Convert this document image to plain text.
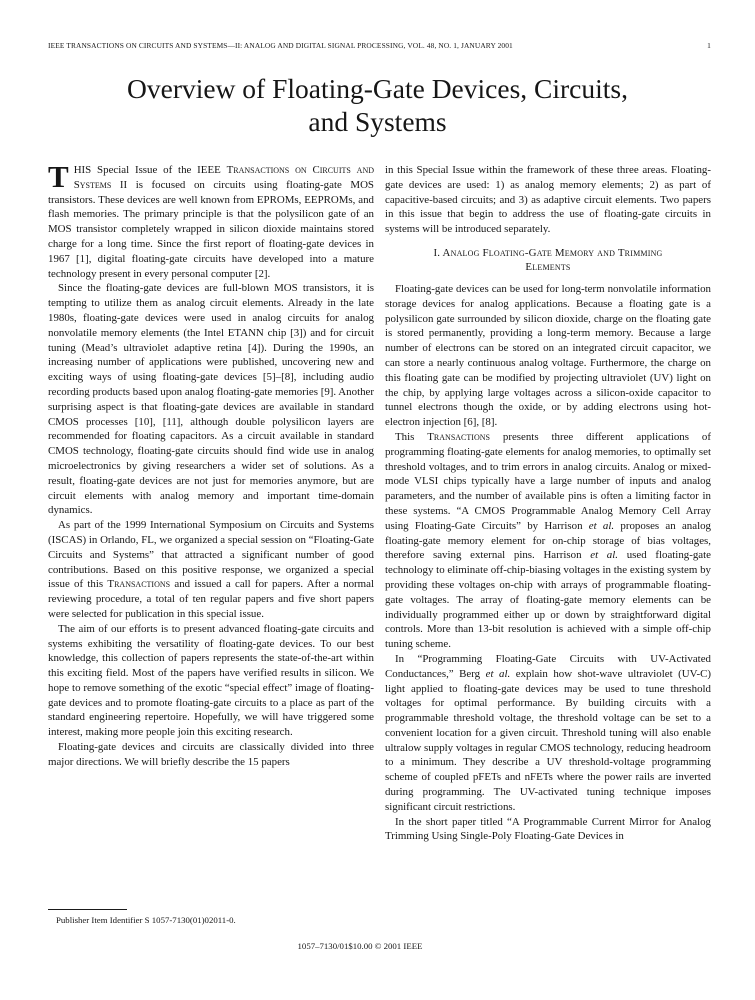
IEEE TRANSACTIONS ON CIRCUITS AND SYSTEMS—II: ANALOG AND DIGITAL SIGNAL PROCESSING, VOL. 48, NO. 1, JANUARY 2001	1
Overview of Floating-Gate Devices, Circuits,
and Systems

THIS Special Issue of the IEEE Transactions on Circuits and Systems II is focused on circuits using floating-gate MOS transistors. These devices are well known from EPROMs, EEPROMs, and flash memories. The primary principle is that the polysilicon gate of an MOS transistor completely wrapped in silicon dioxide maintains stored charge for a long time. Since the first report of floating-gate devices in 1967 [1], digital floating-gate circuits have developed into a mature technology present in every personal computer [2].

Since the floating-gate devices are full-blown MOS transistors, it is tempting to utilize them as analog circuit elements. Already in the late 1980s, floating-gate devices were used in analog circuits for analog nonvolatile memory elements (the Intel ETANN chip [3]) and for circuit tuning (Mead’s ultraviolet adaptive retina [4]). During the 1990s, an increasing number of applications were published, uncovering new and exciting ways of using floating-gate devices [5]–[8], including audio recording products based upon analog floating-gate memories [9]. Another surprising aspect is that floating-gate devices are available in standard CMOS processes [10], [11], although double polysilicon layers are recommended for floating capacitors. As a circuit available in standard CMOS technology, floating-gate circuits should find wide use in analog microelectronics by giving researchers a wider set of solutions. As a result, floating-gate devices are not just for memories anymore, but are circuit elements with analog memory and important time-domain dynamics.

As part of the 1999 International Symposium on Circuits and Systems (ISCAS) in Orlando, FL, we organized a special session on “Floating-Gate Circuits and Systems” that attracted a significant number of good contributions. Based on this positive response, we organized a special issue of this Transactions and issued a call for papers. After a normal reviewing procedure, a total of ten regular papers and five short papers were selected for publication in this special issue.

The aim of our efforts is to present advanced floating-gate circuits and systems exhibiting the versatility of floating-gate devices. To our best knowledge, this collection of papers represents the state-of-the-art within this exciting field. Most of the papers have verified results in silicon. We hope to remove something of the exotic “special effect” image of floating-gate devices and to promote floating-gate circuits to a place as part of the standard engineering repertoire. Hopefully, we will have triggered some interest, making more people join this exciting research.

Floating-gate devices and circuits are classically divided into three major directions. We will briefly describe the 15 papers

in this Special Issue within the framework of these three areas. Floating-gate devices are used: 1) as analog memory elements; 2) as part of capacitive-based circuits; and 3) as adaptive circuit elements. Two papers in this issue that begin to address the use of floating-gate circuits in systems will be introduced separately.

I. Analog Floating-Gate Memory and Trimming
Elements

Floating-gate devices can be used for long-term nonvolatile information storage devices for analog applications. Because a floating gate is a polysilicon gate surrounded by silicon dioxide, charge on the floating gate is stored permanently, providing a long-term memory. Because a large number of electrons can be stored on an integrated circuit capacitor, we can store a nearly continuous analog voltage. Furthermore, the charge on this floating gate can be modified by projecting ultraviolet (UV) light on the chip, by applying large voltages across a silicon-oxide capacitor to tunnel electrons though the oxide, or by adding electrons using hot-electron injection [6], [8].

This Transactions presents three different applications of programming floating-gate elements for analog memories, to optimally set threshold voltages, and to trim errors in analog circuits. Analog or mixed-mode VLSI chips typically have a large number of inputs and analog parameters, and the number of available pins is often a limiting factor in these systems. “A CMOS Programmable Analog Memory Cell Array using Floating-Gate Circuits” by Harrison et al. proposes an analog floating-gate memory element for on-chip storage of bias voltages, therefore saving external pins. Harrison et al. used floating-gate technology to eliminate off-chip-biasing voltages in the existing system by providing these voltages on-chip with arrays of programmable floating-gate voltages. The array of floating-gate memory elements can be individually programmed either up or down by straightforward digital controls. More than 13-bit resolution is achieved with a simple off-chip tuning scheme.

In “Programming Floating-Gate Circuits with UV-Activated Conductances,” Berg et al. explain how shot-wave ultraviolet (UV-C) light applied to floating-gate devices may be used to tune threshold voltages for optimal performance. By building circuits with a programmable threshold voltage, the threshold voltage can be set to a convenient location for a given circuit. Threshold tuning will also enable ultralow supply voltages in regular CMOS technology, reducing headroom to a minimum. They describe a UV threshold-voltage programming scheme of coupled pFETs and nFETs where the power rails are inverted during programming. The UV-activated tuning technique imposes significant circuit restrictions.

In the short paper titled “A Programmable Current Mirror for Analog Trimming Using Single-Poly Floating-Gate Devices in

Publisher Item Identifier S 1057-7130(01)02011-0.
1057–7130/01$10.00 © 2001 IEEE
